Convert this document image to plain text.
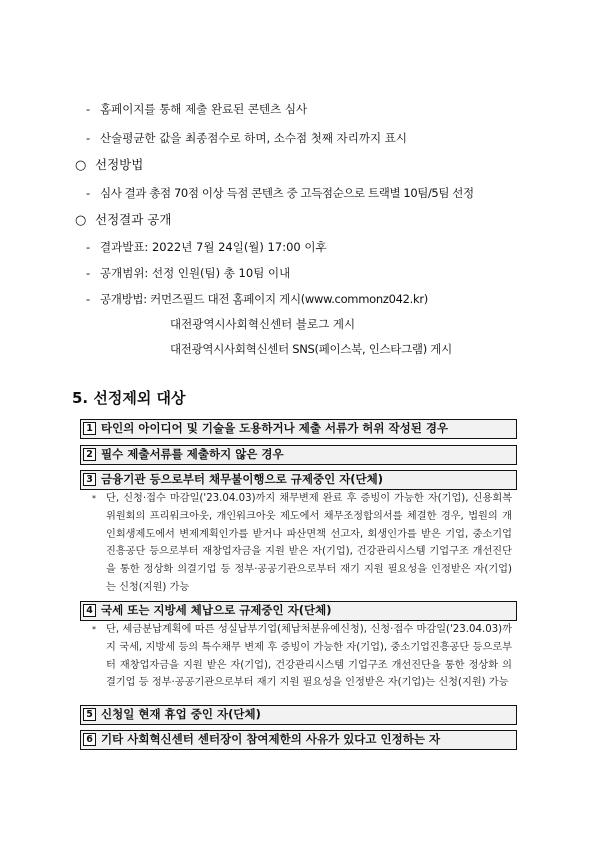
- 홈페이지를 통해 제출 완료된 콘텐츠 심사
- 산술평균한 값을 최종점수로 하며, 소수점 첫째 자리까지 표시
○ 선정방법
- 심사 결과 총점 70점 이상 득점 콘텐츠 중 고득점순으로 트랙별 10팀/5팀 선정
○ 선정결과 공개
- 결과발표: 2022년 7월 24일(월) 17:00 이후
- 공개범위: 선정 인원(팀) 총 10팀 이내
- 공개방법: 커먼즈필드 대전 홈페이지 게시(www.commonz042.kr)
대전광역시사회혁신센터 블로그 게시
대전광역시사회혁신센터 SNS(페이스북, 인스타그램) 게시
5. 선정제외 대상
1 타인의 아이디어 및 기술을 도용하거나 제출 서류가 허위 작성된 경우
2 필수 제출서류를 제출하지 않은 경우
3 금융기관 등으로부터 채무불이행으로 규제중인 자(단체)
* 단, 신청·접수 마감일('23.04.03)까지 채무변제 완료 후 증빙이 가능한 자(기업), 신용회복위원회의 프리워크아웃, 개인워크아웃 제도에서 채무조정합의서를 체결한 경우, 법원의 개인회생제도에서 변제계획인가를 받거나 파산면책 선고자, 회생인가를 받은 기업, 중소기업진흥공단 등으로부터 재창업자금을 지원 받은 자(기업), 건강관리시스템 기업구조 개선진단을 통한 정상화 의결기업 등 정부·공공기관으로부터 재기 지원 필요성을 인정받은 자(기업)는 신청(지원) 가능
4 국세 또는 지방세 체납으로 규제중인 자(단체)
* 단, 세금분납계획에 따른 성실납부기업(체납처분유예신청), 신청·접수 마감일('23.04.03)까지 국세, 지방세 등의 특수채무 변제 후 증빙이 가능한 자(기업), 중소기업진흥공단 등으로부터 재창업자금을 지원 받은 자(기업), 건강관리시스템 기업구조 개선진단을 통한 정상화 의결기업 등 정부·공공기관으로부터 재기 지원 필요성을 인정받은 자(기업)는 신청(지원) 가능
5 신청일 현재 휴업 중인 자(단체)
6 기타 사회혁신센터 센터장이 참여제한의 사유가 있다고 인정하는 자
